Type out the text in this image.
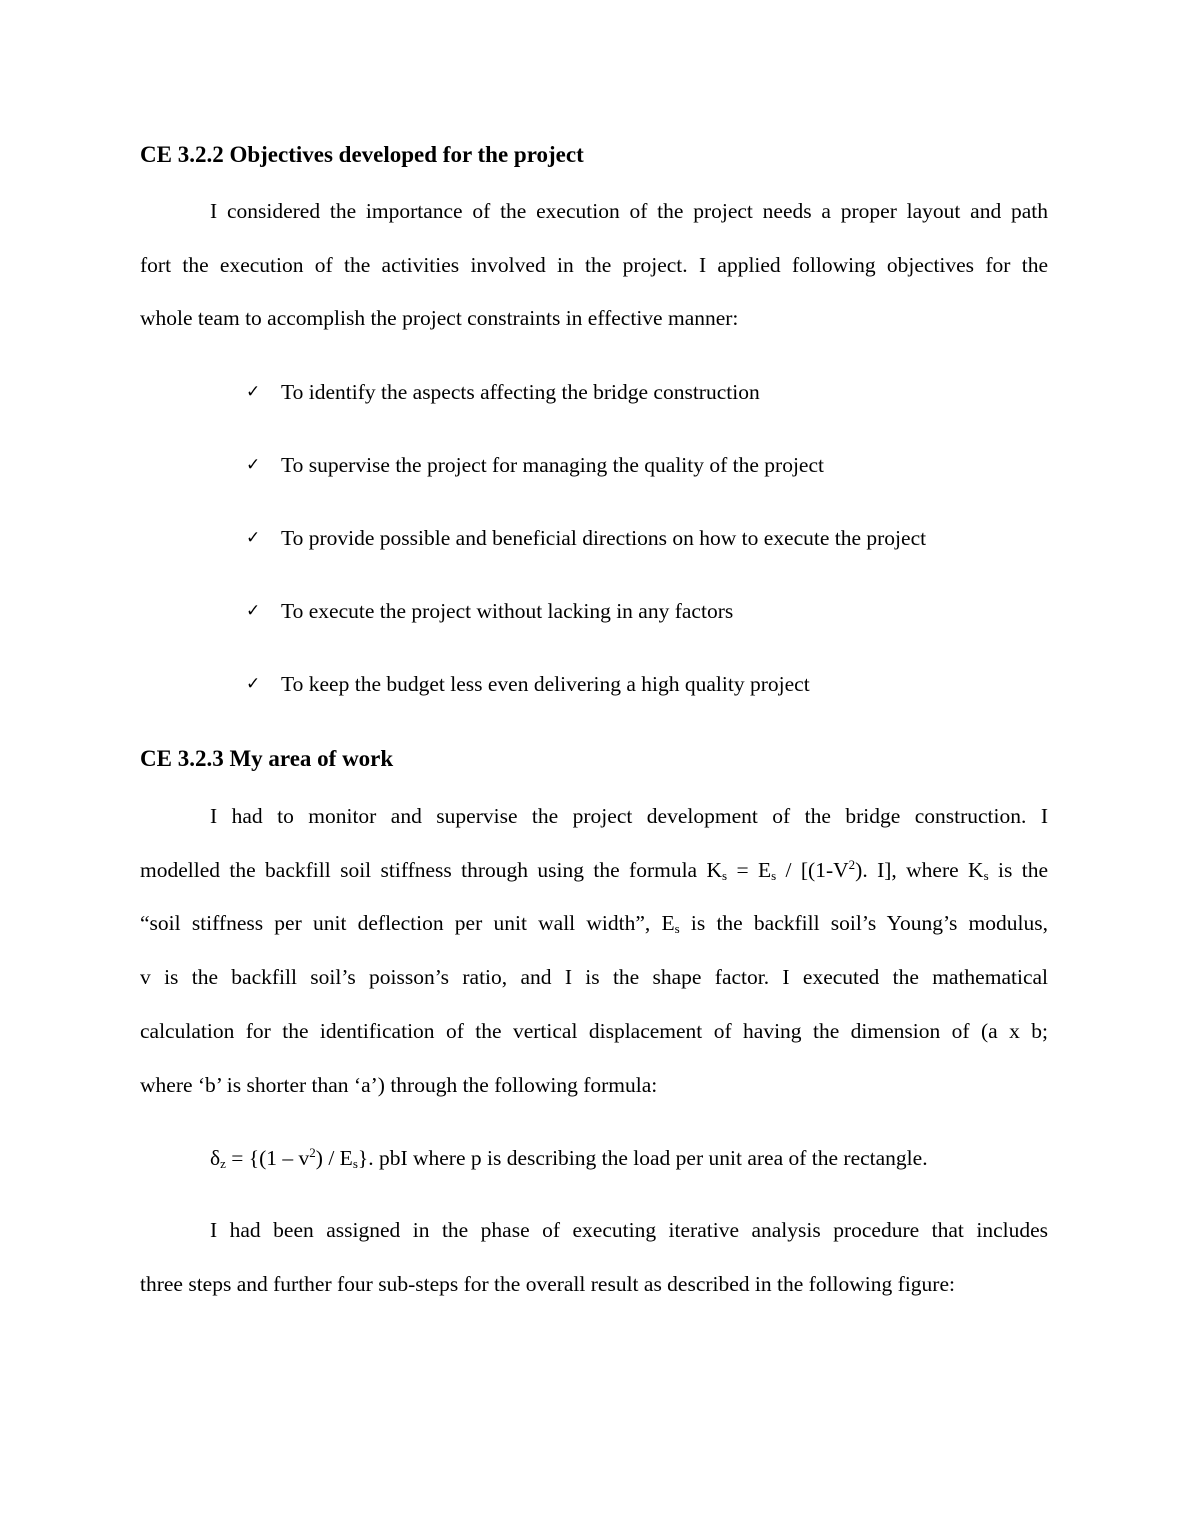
CE 3.2.2 Objectives developed for the project
I considered the importance of the execution of the project needs a proper layout and path
fort the execution of the activities involved in the project. I applied following objectives for the
whole team to accomplish the project constraints in effective manner:
✓ To identify the aspects affecting the bridge construction
✓ To supervise the project for managing the quality of the project
✓ To provide possible and beneficial directions on how to execute the project
✓ To execute the project without lacking in any factors
✓ To keep the budget less even delivering a high quality project
CE 3.2.3 My area of work
I had to monitor and supervise the project development of the bridge construction. I
modelled the backfill soil stiffness through using the formula $K_s = E_s / [(1-V^2)$. I], where $K_s$ is the
“soil stiffness per unit deflection per unit wall width”, $E_s$ is the backfill soil’s Young’s modulus,
v is the backfill soil’s poisson’s ratio, and I is the shape factor. I executed the mathematical
calculation for the identification of the vertical displacement of having the dimension of (a x b;
where ‘b’ is shorter than ‘a’) through the following formula:
$\delta_z = \{(1 - v^2) / E_s\}$. pbI where p is describing the load per unit area of the rectangle.
I had been assigned in the phase of executing iterative analysis procedure that includes
three steps and further four sub-steps for the overall result as described in the following figure:
